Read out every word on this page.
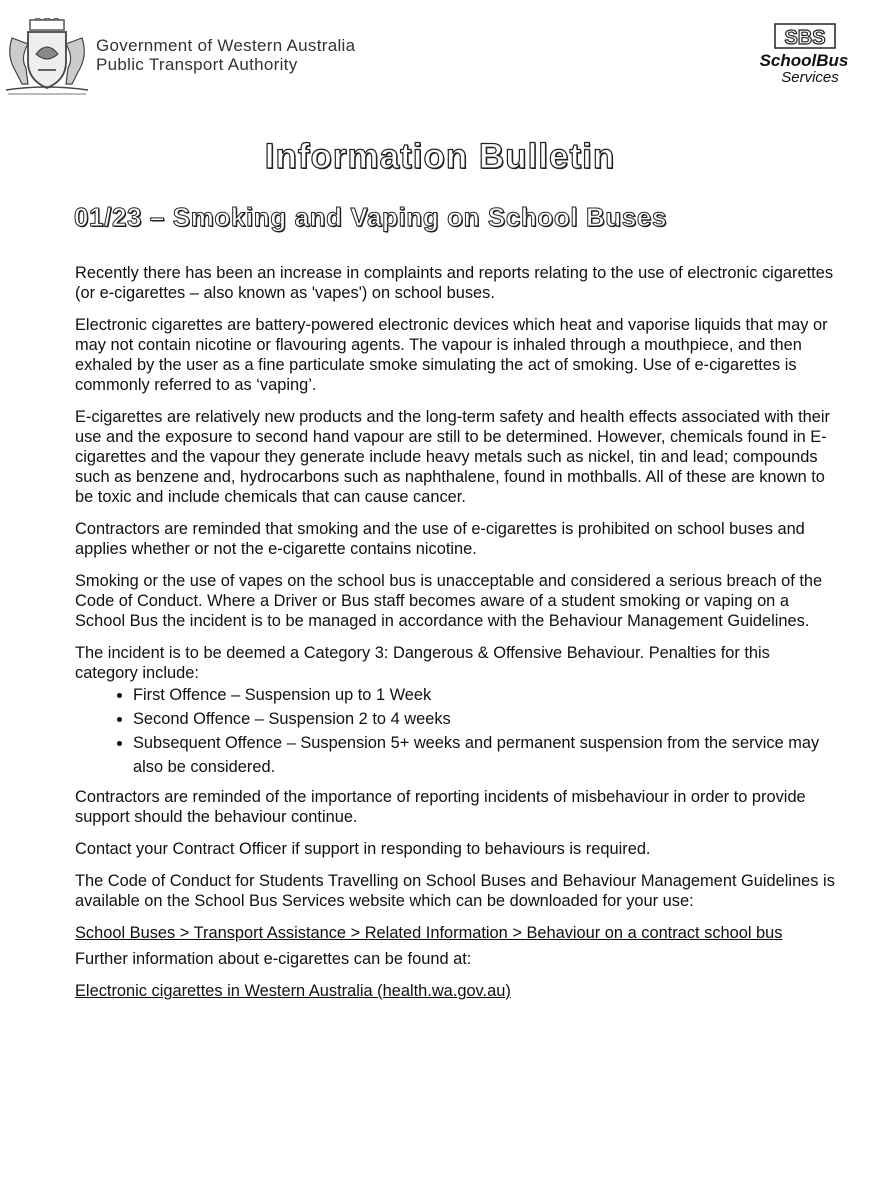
Government of Western Australia
Public Transport Authority
SBS
SchoolBus
Services
Information Bulletin
01/23 – Smoking and Vaping on School Buses

Recently there has been an increase in complaints and reports relating to the use of electronic cigarettes (or e-cigarettes – also known as 'vapes') on school buses.

Electronic cigarettes are battery-powered electronic devices which heat and vaporise liquids that may or may not contain nicotine or flavouring agents. The vapour is inhaled through a mouthpiece, and then exhaled by the user as a fine particulate smoke simulating the act of smoking. Use of e-cigarettes is commonly referred to as ‘vaping’.

E-cigarettes are relatively new products and the long-term safety and health effects associated with their use and the exposure to second hand vapour are still to be determined. However, chemicals found in E-cigarettes and the vapour they generate include heavy metals such as nickel, tin and lead; compounds such as benzene and, hydrocarbons such as naphthalene, found in mothballs. All of these are known to be toxic and include chemicals that can cause cancer.

Contractors are reminded that smoking and the use of e-cigarettes is prohibited on school buses and applies whether or not the e-cigarette contains nicotine.

Smoking or the use of vapes on the school bus is unacceptable and considered a serious breach of the Code of Conduct. Where a Driver or Bus staff becomes aware of a student smoking or vaping on a School Bus the incident is to be managed in accordance with the Behaviour Management Guidelines.

The incident is to be deemed a Category 3: Dangerous & Offensive Behaviour. Penalties for this category include:

• First Offence – Suspension up to 1 Week
• Second Offence – Suspension 2 to 4 weeks
• Subsequent Offence – Suspension 5+ weeks and permanent suspension from the service may also be considered.

Contractors are reminded of the importance of reporting incidents of misbehaviour in order to provide support should the behaviour continue.

Contact your Contract Officer if support in responding to behaviours is required.

The Code of Conduct for Students Travelling on School Buses and Behaviour Management Guidelines is available on the School Bus Services website which can be downloaded for your use:

School Buses > Transport Assistance > Related Information > Behaviour on a contract school bus

Further information about e-cigarettes can be found at:

Electronic cigarettes in Western Australia (health.wa.gov.au)
